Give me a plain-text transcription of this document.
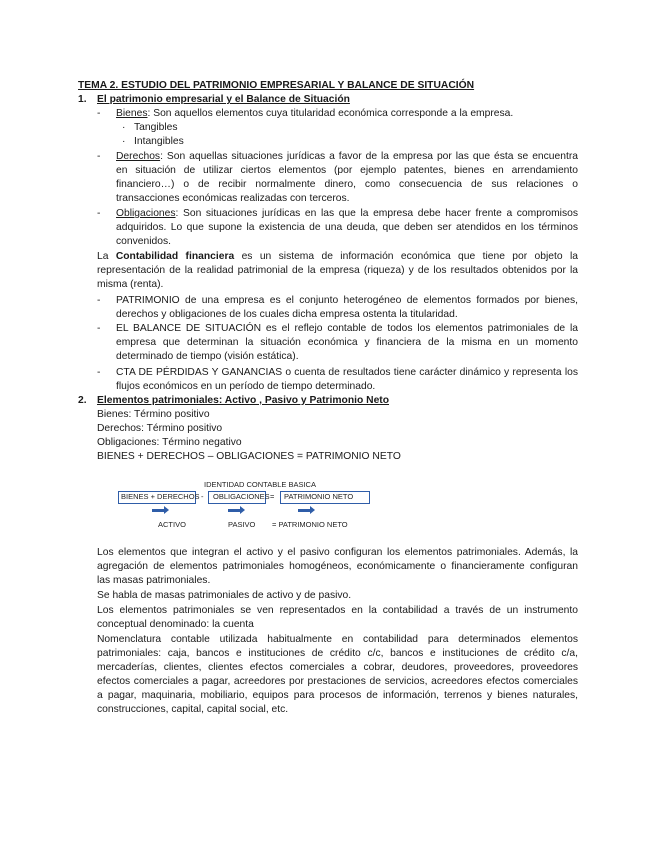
TEMA 2. ESTUDIO DEL PATRIMONIO EMPRESARIAL Y BALANCE DE SITUACIÓN
1. El patrimonio empresarial y el Balance de Situación
- Bienes: Son aquellos elementos cuya titularidad económica corresponde a la empresa.
· Tangibles
· Intangibles
- Derechos: Son aquellas situaciones jurídicas a favor de la empresa por las que ésta se encuentra
en situación de utilizar ciertos elementos (por ejemplo patentes, bienes en arrendamiento
financiero…) o de recibir normalmente dinero, como consecuencia de sus relaciones o
transacciones económicas realizadas con terceros.
- Obligaciones: Son situaciones jurídicas en las que la empresa debe hacer frente a compromisos
adquiridos. Lo que supone la existencia de una deuda, que deben ser atendidos en los términos
convenidos.
La Contabilidad financiera es un sistema de información económica que tiene por objeto la
representación de la realidad patrimonial de la empresa (riqueza) y de los resultados obtenidos por la
misma (renta).
- PATRIMONIO de una empresa es el conjunto heterogéneo de elementos formados por bienes,
derechos y obligaciones de los cuales dicha empresa ostenta la titularidad.
- EL BALANCE DE SITUACIÓN es el reflejo contable de todos los elementos patrimoniales de la
empresa que determinan la situación económica y financiera de la misma en un momento
determinado de tiempo (visión estática).
- CTA DE PÉRDIDAS Y GANANCIAS o cuenta de resultados tiene carácter dinámico y representa los
flujos económicos en un período de tiempo determinado.
2. Elementos patrimoniales: Activo , Pasivo y Patrimonio Neto
Bienes: Término positivo
Derechos: Término positivo
Obligaciones: Término negativo
BIENES + DERECHOS – OBLIGACIONES = PATRIMONIO NETO
IDENTIDAD CONTABLE BASICA
BIENES + DERECHOS - OBLIGACIONES = PATRIMONIO NETO
ACTIVO	PASIVO = PATRIMONIO NETO
Los elementos que integran el activo y el pasivo configuran los elementos patrimoniales. Además, la
agregación de elementos patrimoniales homogéneos, económicamente o financieramente configuran
las masas patrimoniales.
Se habla de masas patrimoniales de activo y de pasivo.
Los elementos patrimoniales se ven representados en la contabilidad a través de un instrumento
conceptual denominado: la cuenta
Nomenclatura contable utilizada habitualmente en contabilidad para determinados elementos
patrimoniales: caja, bancos e instituciones de crédito c/c, bancos e instituciones de crédito c/a,
mercaderías, clientes, clientes efectos comerciales a cobrar, deudores, proveedores, proveedores
efectos comerciales a pagar, acreedores por prestaciones de servicios, acreedores efectos comerciales
a pagar, maquinaria, mobiliario, equipos para procesos de información, terrenos y bienes naturales,
construcciones, capital, capital social, etc.
